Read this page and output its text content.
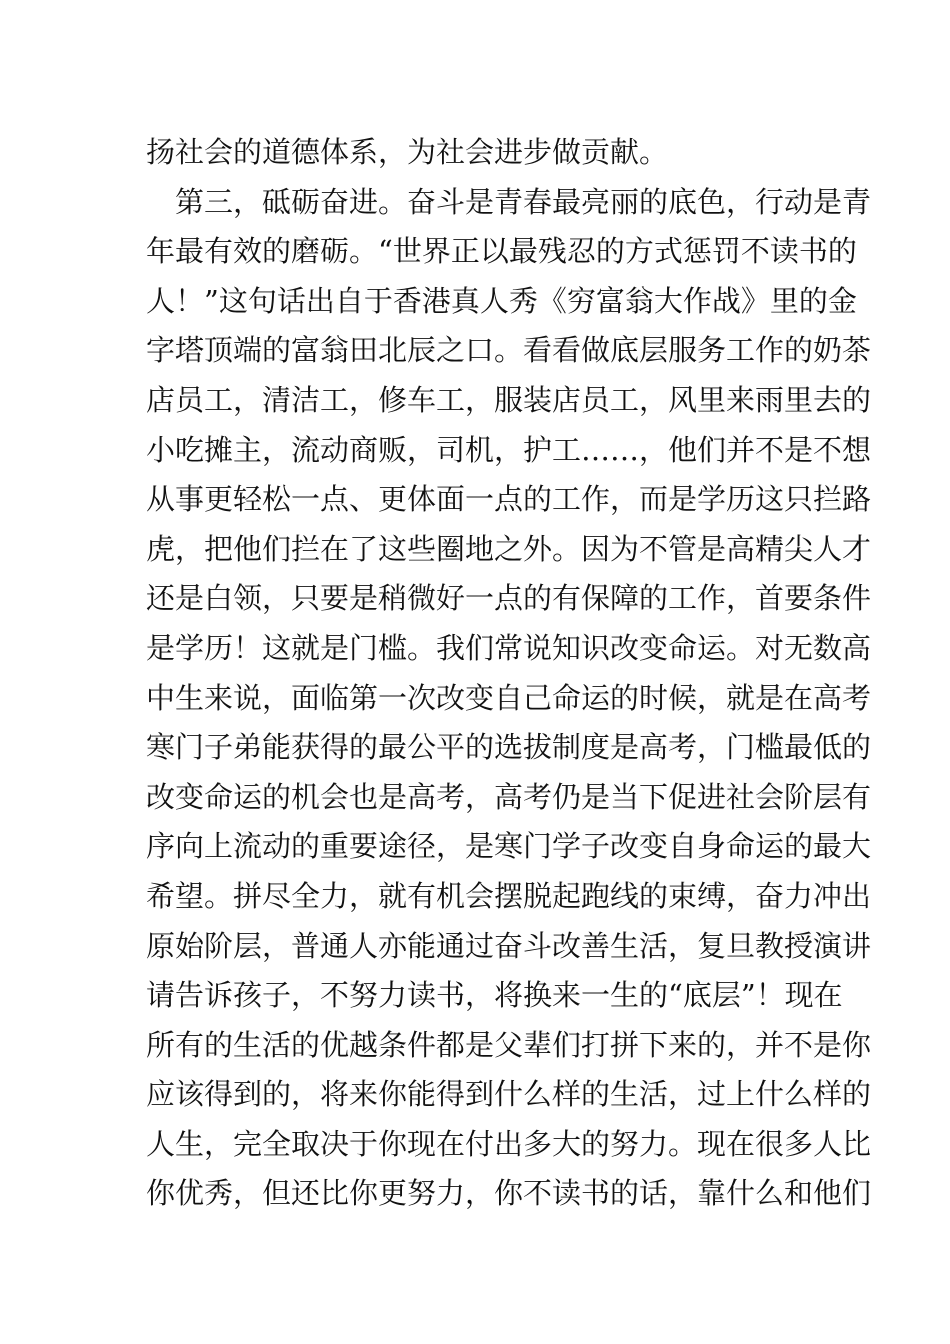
扬社会的道德体系，为社会进步做贡献。
　第三，砥砺奋进。奋斗是青春最亮丽的底色，行动是青
年最有效的磨砺。“世界正以最残忍的方式惩罚不读书的
人！”这句话出自于香港真人秀《穷富翁大作战》里的金
字塔顶端的富翁田北辰之口。看看做底层服务工作的奶茶
店员工，清洁工，修车工，服装店员工，风里来雨里去的
小吃摊主，流动商贩，司机，护工……，他们并不是不想
从事更轻松一点、更体面一点的工作，而是学历这只拦路
虎，把他们拦在了这些圈地之外。因为不管是高精尖人才
还是白领，只要是稍微好一点的有保障的工作，首要条件
是学历！这就是门槛。我们常说知识改变命运。对无数高
中生来说，面临第一次改变自己命运的时候，就是在高考
寒门子弟能获得的最公平的选拔制度是高考，门槛最低的
改变命运的机会也是高考，高考仍是当下促进社会阶层有
序向上流动的重要途径，是寒门学子改变自身命运的最大
希望。拼尽全力，就有机会摆脱起跑线的束缚，奋力冲出
原始阶层，普通人亦能通过奋斗改善生活，复旦教授演讲
请告诉孩子，不努力读书，将换来一生的“底层”！现在
所有的生活的优越条件都是父辈们打拼下来的，并不是你
应该得到的，将来你能得到什么样的生活，过上什么样的
人生，完全取决于你现在付出多大的努力。现在很多人比
你优秀，但还比你更努力，你不读书的话，靠什么和他们
